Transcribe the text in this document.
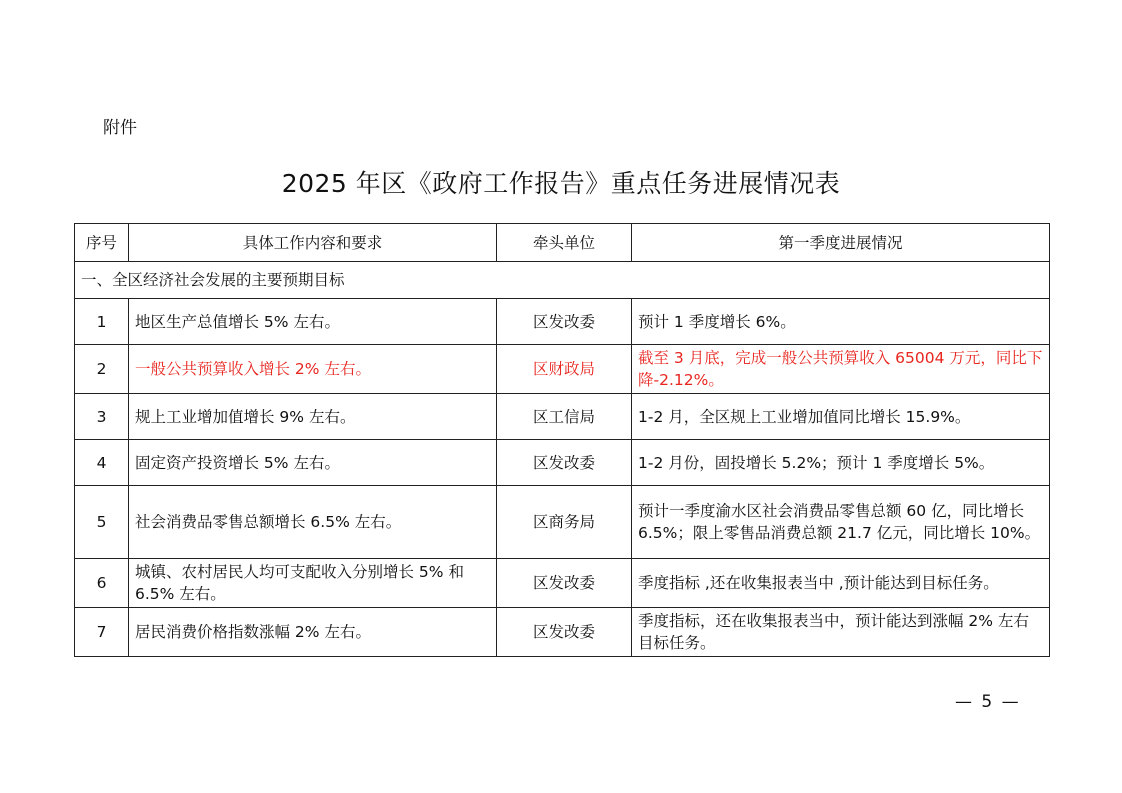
附件
2025 年区《政府工作报告》重点任务进展情况表
序号	具体工作内容和要求	牵头单位	第一季度进展情况
一、全区经济社会发展的主要预期目标			
1	地区生产总值增长 5% 左右。	区发改委	预计 1 季度增长 6%。
2	一般公共预算收入增长 2% 左右。	区财政局	截至 3 月底，完成一般公共预算收入 65004 万元，同比下降-2.12%。
3	规上工业增加值增长 9% 左右。	区工信局	1-2 月，全区规上工业增加值同比增长 15.9%。
4	固定资产投资增长 5% 左右。	区发改委	1-2 月份，固投增长 5.2%；预计 1 季度增长 5%。
5	社会消费品零售总额增长 6.5% 左右。	区商务局	预计一季度渝水区社会消费品零售总额 60 亿，同比增长 6.5%；限上零售品消费总额 21.7 亿元，同比增长 10%。
6	城镇、农村居民人均可支配收入分别增长 5% 和 6.5% 左右。	区发改委	季度指标 ,还在收集报表当中 ,预计能达到目标任务。
7	居民消费价格指数涨幅 2% 左右。	区发改委	季度指标，还在收集报表当中，预计能达到涨幅 2% 左右目标任务。
— 5 —
